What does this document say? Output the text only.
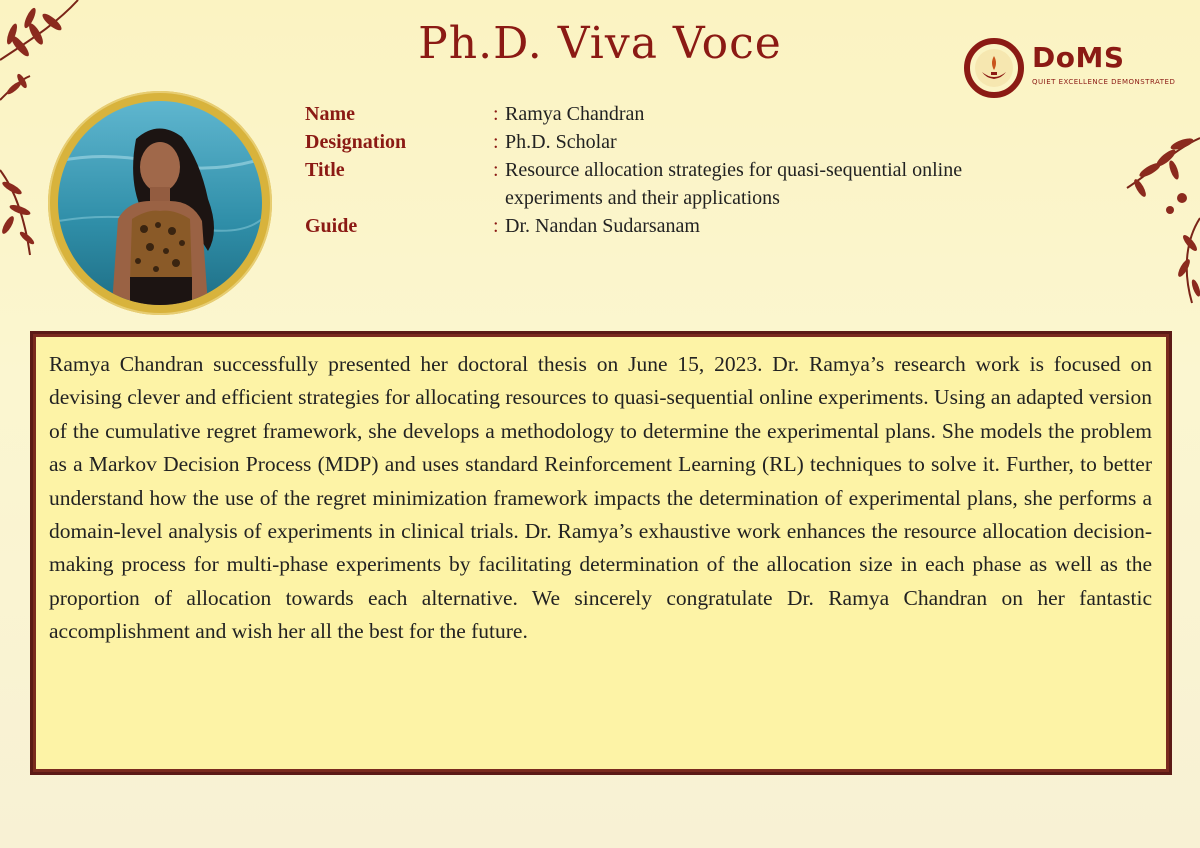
Ph.D. Viva Voce	DoMS
QUIET EXCELLENCE DEMONSTRATED
Name	: Ramya Chandran
Designation	: Ph.D. Scholar
Title	: Resource allocation strategies for quasi-sequential online experiments and their applications
Guide	: Dr. Nandan Sudarsanam

Ramya Chandran successfully presented her doctoral thesis on June 15, 2023. Dr. Ramya’s research work is focused on devising clever and efficient strategies for allocating resources to quasi-sequential online experiments. Using an adapted version of the cumulative regret framework, she develops a methodology to determine the experimental plans. She models the problem as a Markov Decision Process (MDP) and uses standard Reinforcement Learning (RL) techniques to solve it. Further, to better understand how the use of the regret minimization framework impacts the determination of experimental plans, she performs a domain-level analysis of experiments in clinical trials. Dr. Ramya’s exhaustive work enhances the resource allocation decision-making process for multi-phase experiments by facilitating determination of the allocation size in each phase as well as the proportion of allocation towards each alternative. We sincerely congratulate Dr. Ramya Chandran on her fantastic accomplishment and wish her all the best for the future.
